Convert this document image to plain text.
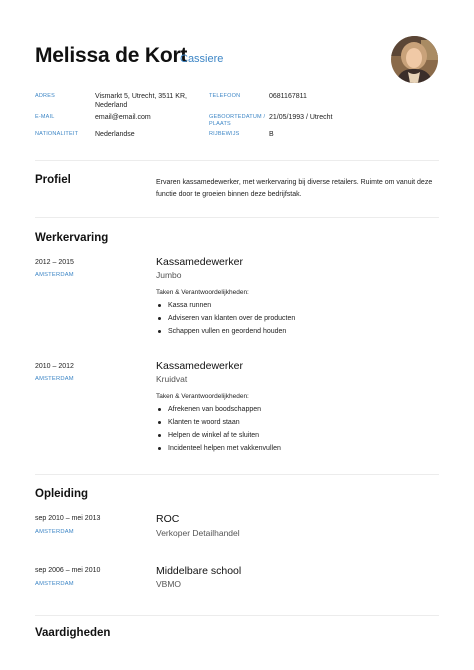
Melissa de Kort
Cassiere
ADRES	Vismarkt 5, Utrecht, 3511 KR,
Nederland
E-MAIL	email@email.com
NATIONALITEIT Nederlandse
TELEFOON	0681167811
GEBOORTEDATUM /
PLAATS
21/05/1993 / Utrecht
RIJBEWIJS	B
Profiel	Ervaren kassamedewerker, met werkervaring bij diverse retailers. Ruimte om vanuit deze
functie door te groeien binnen deze bedrijfstak.
Werkervaring
2012 – 2015
AMSTERDAM
Kassamedewerker
Jumbo
Taken & Verantwoordelijkheden:
Kassa runnen
Adviseren van klanten over de producten
Schappen vullen en geordend houden
2010 – 2012
AMSTERDAM
Kassamedewerker
Kruidvat
Taken & Verantwoordelijkheden:
Afrekenen van boodschappen
Klanten te woord staan
Helpen de winkel af te sluiten
Incidenteel helpen met vakkenvullen
Opleiding
sep 2010 – mei 2013
AMSTERDAM
ROC
Verkoper Detailhandel
sep 2006 – mei 2010
AMSTERDAM
Middelbare school
VBMO
Vaardigheden
